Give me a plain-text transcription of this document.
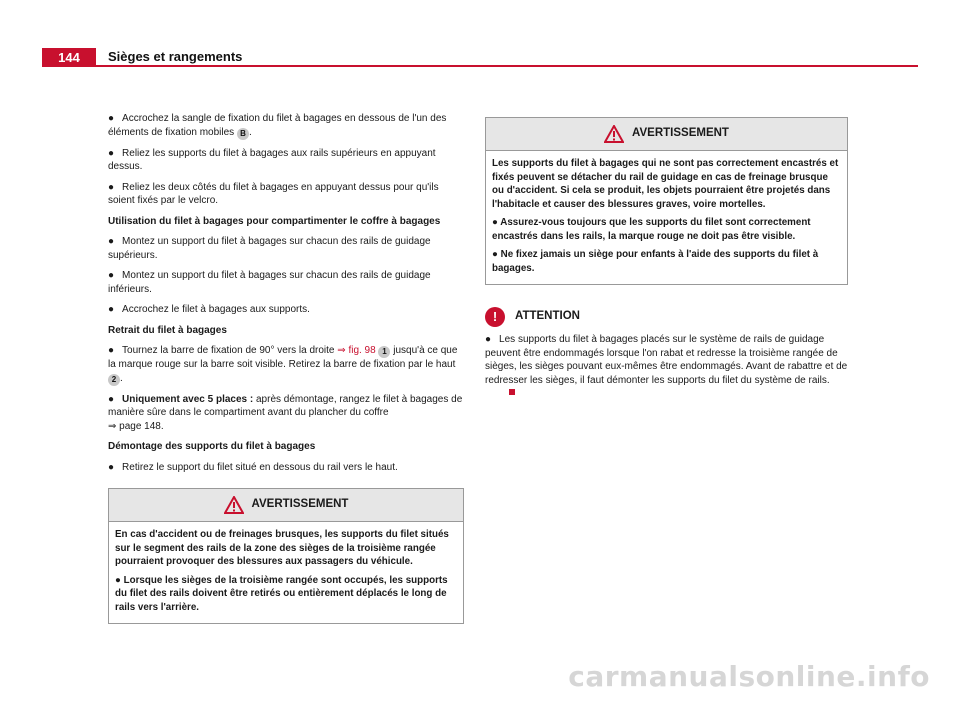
144	Sièges et rangements

● Accrochez la sangle de fixation du filet à bagages en dessous de l'un des éléments de fixation mobiles B .

● Reliez les supports du filet à bagages aux rails supérieurs en appuyant dessus.

● Reliez les deux côtés du filet à bagages en appuyant dessus pour qu'ils soient fixés par le velcro.

Utilisation du filet à bagages pour compartimenter le coffre à bagages

● Montez un support du filet à bagages sur chacun des rails de guidage supérieurs.

● Montez un support du filet à bagages sur chacun des rails de guidage inférieurs.

● Accrochez le filet à bagages aux supports.

Retrait du filet à bagages

● Tournez la barre de fixation de 90° vers la droite ⇒ fig. 98 1 jusqu'à ce que la marque rouge sur la barre soit visible. Retirez la barre de fixation par le haut 2 .

● Uniquement avec 5 places : après démontage, rangez le filet à bagages de manière sûre dans le compartiment avant du plancher du coffre
⇒ page 148.

Démontage des supports du filet à bagages

● Retirez le support du filet situé en dessous du rail vers le haut.

AVERTISSEMENT

En cas d'accident ou de freinages brusques, les supports du filet situés sur le segment des rails de la zone des sièges de la troisième rangée pourraient provoquer des blessures aux passagers du véhicule.

● Lorsque les sièges de la troisième rangée sont occupés, les supports du filet des rails doivent être retirés ou entièrement déplacés le long de rails vers l'arrière.

AVERTISSEMENT

Les supports du filet à bagages qui ne sont pas correctement encastrés et fixés peuvent se détacher du rail de guidage en cas de freinage brusque ou d'accident. Si cela se produit, les objets pourraient être projetés dans l'habitacle et causer des blessures graves, voire mortelles.

● Assurez-vous toujours que les supports du filet sont correctement encastrés dans les rails, la marque rouge ne doit pas être visible.

● Ne fixez jamais un siège pour enfants à l'aide des supports du filet à bagages.

!	ATTENTION

● Les supports du filet à bagages placés sur le système de rails de guidage peuvent être endommagés lorsque l'on rabat et redresse la troisième rangée de sièges, les sièges pouvant eux-mêmes être endommagés. Avant de rabattre et de redresser les sièges, il faut démonter les supports du filet du système de rails.

carmanualsonline.info
